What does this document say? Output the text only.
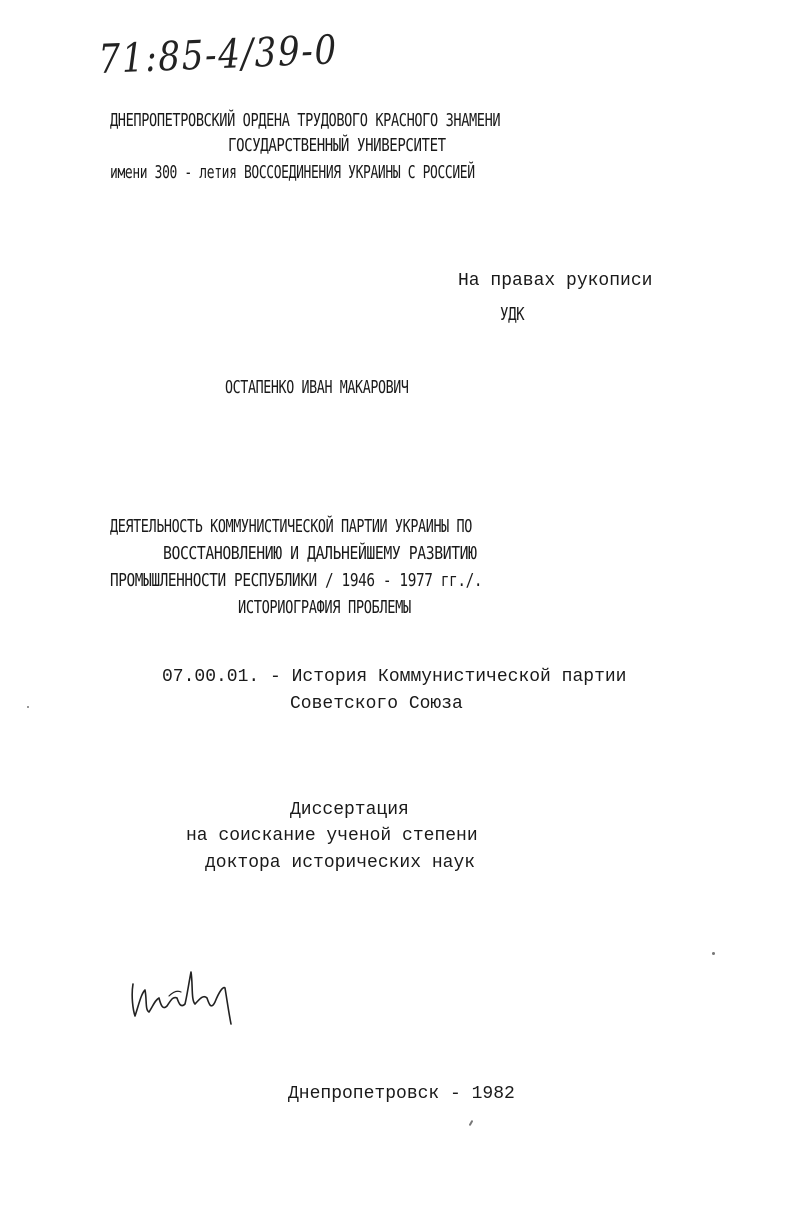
71:85-4/39-0
ДНЕПРОПЕТРОВСКИЙ ОРДЕНА ТРУДОВОГО КРАСНОГО ЗНАМЕНИ
ГОСУДАРСТВЕННЫЙ УНИВЕРСИТЕТ
имени 300 - летия ВОССОЕДИНЕНИЯ УКРАИНЫ С РОССИЕЙ
На правах рукописи
УДК
ОСТАПЕНКО ИВАН МАКАРОВИЧ
ДЕЯТЕЛЬНОСТЬ КОММУНИСТИЧЕСКОЙ ПАРТИИ УКРАИНЫ ПО
ВОССТАНОВЛЕНИЮ И ДАЛЬНЕЙШЕМУ РАЗВИТИЮ
ПРОМЫШЛЕННОСТИ РЕСПУБЛИКИ / 1946 - 1977 гг./.
ИСТОРИОГРАФИЯ ПРОБЛЕМЫ
07.00.01. - История Коммунистической партии
Советского Союза
Диссертация
на соискание ученой степени
доктора исторических наук
Днепропетровск - 1982
